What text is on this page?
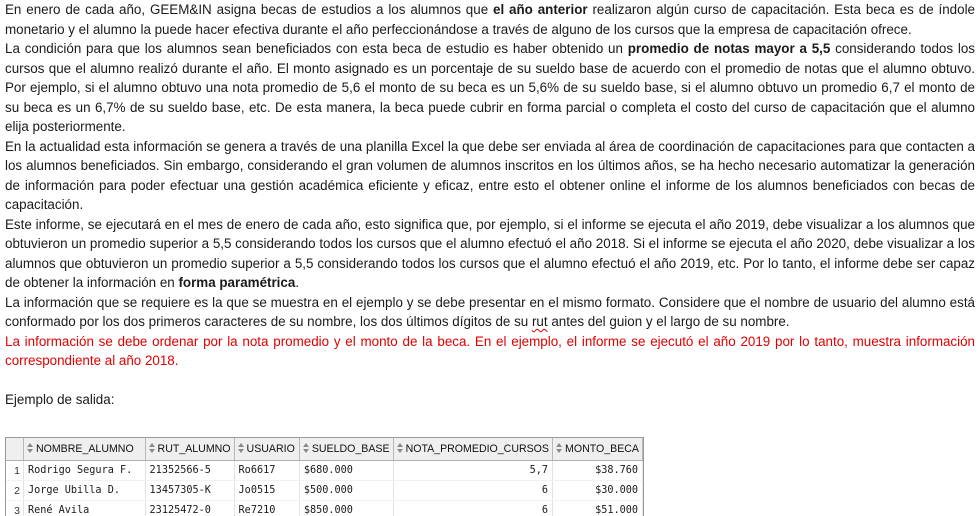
En enero de cada año, GEEM&IN asigna becas de estudios a los alumnos que el año anterior realizaron algún curso de capacitación. Esta beca es de índole monetario y el alumno la puede hacer efectiva durante el año perfeccionándose a través de alguno de los cursos que la empresa de capacitación ofrece.

La condición para que los alumnos sean beneficiados con esta beca de estudio es haber obtenido un promedio de notas mayor a 5,5 considerando todos los cursos que el alumno realizó durante el año. El monto asignado es un porcentaje de su sueldo base de acuerdo con el promedio de notas que el alumno obtuvo. Por ejemplo, si el alumno obtuvo una nota promedio de 5,6 el monto de su beca es un 5,6% de su sueldo base, si el alumno obtuvo un promedio 6,7 el monto de su beca es un 6,7% de su sueldo base, etc. De esta manera, la beca puede cubrir en forma parcial o completa el costo del curso de capacitación que el alumno elija posteriormente.

En la actualidad esta información se genera a través de una planilla Excel la que debe ser enviada al área de coordinación de capacitaciones para que contacten a los alumnos beneficiados. Sin embargo, considerando el gran volumen de alumnos inscritos en los últimos años, se ha hecho necesario automatizar la generación de información para poder efectuar una gestión académica eficiente y eficaz, entre esto el obtener online el informe de los alumnos beneficiados con becas de capacitación.

Este informe, se ejecutará en el mes de enero de cada año, esto significa que, por ejemplo, si el informe se ejecuta el año 2019, debe visualizar a los alumnos que obtuvieron un promedio superior a 5,5 considerando todos los cursos que el alumno efectuó el año 2018. Si el informe se ejecuta el año 2020, debe visualizar a los alumnos que obtuvieron un promedio superior a 5,5 considerando todos los cursos que el alumno efectuó el año 2019, etc. Por lo tanto, el informe debe ser capaz de obtener la información en forma paramétrica.

La información que se requiere es la que se muestra en el ejemplo y se debe presentar en el mismo formato. Considere que el nombre de usuario del alumno está conformado por los dos primeros caracteres de su nombre, los dos últimos dígitos de su rut antes del guion y el largo de su nombre.

La información se debe ordenar por la nota promedio y el monto de la beca. En el ejemplo, el informe se ejecutó el año 2019 por lo tanto, muestra información correspondiente al año 2018.

Ejemplo de salida:

	NOMBRE_ALUMNO	RUT_ALUMNO	USUARIO	SUELDO_BASE	NOTA_PROMEDIO_CURSOS	MONTO_BECA
1	Rodrigo Segura F.	21352566-5	Ro6617	$680.000	5,7	$38.760
2	Jorge Ubilla D.	13457305-K	Jo0515	$500.000	6	$30.000
3	René Avila	23125472-0	Re7210	$850.000	6	$51.000
